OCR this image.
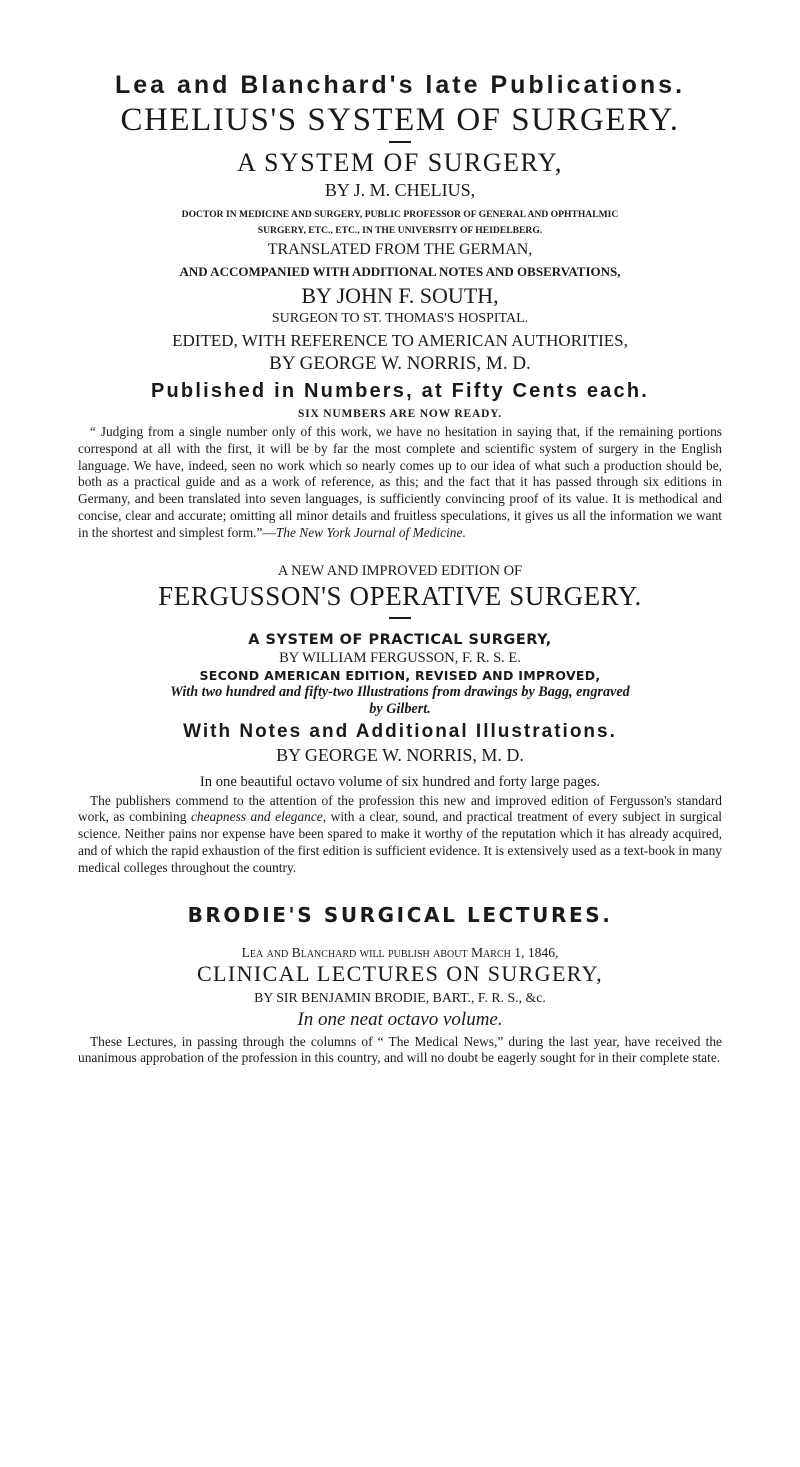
Lea and Blanchard's late Publications.
CHELIUS'S SYSTEM OF SURGERY.
A SYSTEM OF SURGERY,
BY J. M. CHELIUS,
DOCTOR IN MEDICINE AND SURGERY, PUBLIC PROFESSOR OF GENERAL AND OPHTHALMIC
SURGERY, ETC., ETC., IN THE UNIVERSITY OF HEIDELBERG.
TRANSLATED FROM THE GERMAN,
AND ACCOMPANIED WITH ADDITIONAL NOTES AND OBSERVATIONS,
BY JOHN F. SOUTH,
SURGEON TO ST. THOMAS'S HOSPITAL.
EDITED, WITH REFERENCE TO AMERICAN AUTHORITIES,
BY GEORGE W. NORRIS, M. D.
Published in Numbers, at Fifty Cents each.
SIX NUMBERS ARE NOW READY.

“ Judging from a single number only of this work, we have no hesitation in saying that, if the remaining portions correspond at all with the first, it will be by far the most complete and scientific system of surgery in the English language. We have, indeed, seen no work which so nearly comes up to our idea of what such a production should be, both as a practical guide and as a work of reference, as this; and the fact that it has passed through six editions in Germany, and been translated into seven languages, is sufficiently convincing proof of its value. It is methodical and concise, clear and accurate; omitting all minor details and fruitless speculations, it gives us all the information we want in the shortest and simplest form.”—The New York Journal of Medicine.

A NEW AND IMPROVED EDITION OF
FERGUSSON'S OPERATIVE SURGERY.
A SYSTEM OF PRACTICAL SURGERY,
BY WILLIAM FERGUSSON, F. R. S. E.
SECOND AMERICAN EDITION, REVISED AND IMPROVED,
With two hundred and fifty-two Illustrations from drawings by Bagg, engraved
by Gilbert.
With Notes and Additional Illustrations.
BY GEORGE W. NORRIS, M. D.
In one beautiful octavo volume of six hundred and forty large pages.

The publishers commend to the attention of the profession this new and improved edition of Fergusson's standard work, as combining cheapness and elegance, with a clear, sound, and practical treatment of every subject in surgical science. Neither pains nor expense have been spared to make it worthy of the reputation which it has already acquired, and of which the rapid exhaustion of the first edition is sufficient evidence. It is extensively used as a text-book in many medical colleges throughout the country.

BRODIE'S SURGICAL LECTURES.
Lea and Blanchard will publish about March 1, 1846,
CLINICAL LECTURES ON SURGERY,
BY SIR BENJAMIN BRODIE, BART., F. R. S., &c.
In one neat octavo volume.

These Lectures, in passing through the columns of “ The Medical News,” during the last year, have received the unanimous approbation of the profession in this country, and will no doubt be eagerly sought for in their complete state.
